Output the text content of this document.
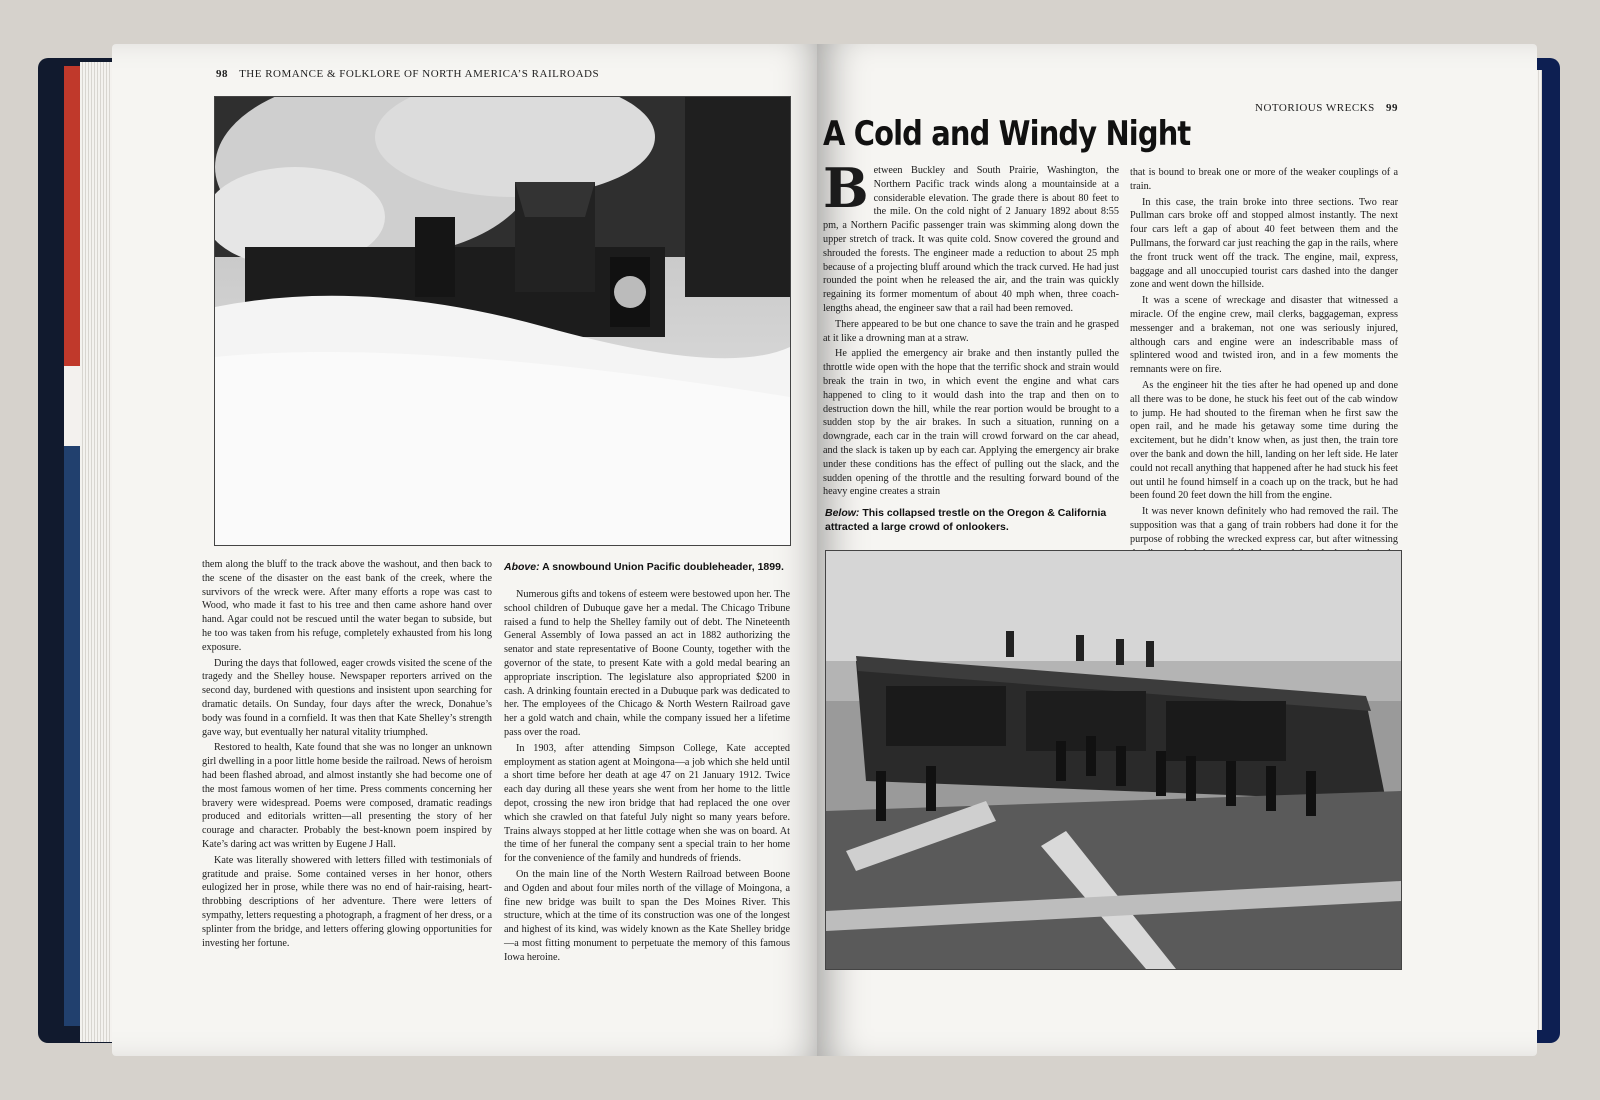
98 THE ROMANCE & FOLKLORE OF NORTH AMERICA’S RAILROADS
Above: A snowbound Union Pacific doubleheader, 1899.

them along the bluff to the track above the washout, and then back to the scene of the disaster on the east bank of the creek, where the survivors of the wreck were. After many efforts a rope was cast to Wood, who made it fast to his tree and then came ashore hand over hand. Agar could not be rescued until the water began to subside, but he too was taken from his refuge, completely exhausted from his long exposure.

During the days that followed, eager crowds visited the scene of the tragedy and the Shelley house. Newspaper reporters arrived on the second day, burdened with questions and insistent upon searching for dramatic details. On Sunday, four days after the wreck, Donahue’s body was found in a cornfield. It was then that Kate Shelley’s strength gave way, but eventually her natural vitality triumphed.

Restored to health, Kate found that she was no longer an unknown girl dwelling in a poor little home beside the railroad. News of heroism had been flashed abroad, and almost instantly she had become one of the most famous women of her time. Press comments concerning her bravery were widespread. Poems were composed, dramatic readings produced and editorials written—all presenting the story of her courage and character. Probably the best-known poem inspired by Kate’s daring act was written by Eugene J Hall.

Kate was literally showered with letters filled with testimonials of gratitude and praise. Some contained verses in her honor, others eulogized her in prose, while there was no end of hair-raising, heart-throbbing descriptions of her adventure. There were letters of sympathy, letters requesting a photograph, a fragment of her dress, or a splinter from the bridge, and letters offering glowing opportunities for investing her fortune.

Numerous gifts and tokens of esteem were bestowed upon her. The school children of Dubuque gave her a medal. The Chicago Tribune raised a fund to help the Shelley family out of debt. The Nineteenth General Assembly of Iowa passed an act in 1882 authorizing the senator and state representative of Boone County, together with the governor of the state, to present Kate with a gold medal bearing an appropriate inscription. The legislature also appropriated $200 in cash. A drinking fountain erected in a Dubuque park was dedicated to her. The employees of the Chicago & North Western Railroad gave her a gold watch and chain, while the company issued her a lifetime pass over the road.

In 1903, after attending Simpson College, Kate accepted employment as station agent at Moingona—a job which she held until a short time before her death at age 47 on 21 January 1912. Twice each day during all these years she went from her home to the little depot, crossing the new iron bridge that had replaced the one over which she crawled on that fateful July night so many years before. Trains always stopped at her little cottage when she was on board. At the time of her funeral the company sent a special train to her home for the convenience of the family and hundreds of friends.

On the main line of the North Western Railroad between Boone and Ogden and about four miles north of the village of Moingona, a fine new bridge was built to span the Des Moines River. This structure, which at the time of its construction was one of the longest and highest of its kind, was widely known as the Kate Shelley bridge—a most fitting monument to perpetuate the memory of this famous Iowa heroine.

NOTORIOUS WRECKS 99
A Cold and Windy Night

Between Buckley and South Prairie, Washington, the Northern Pacific track winds along a mountainside at a considerable elevation. The grade there is about 80 feet to the mile. On the cold night of 2 January 1892 about 8:55 pm, a Northern Pacific passenger train was skimming along down the upper stretch of track. It was quite cold. Snow covered the ground and shrouded the forests. The engineer made a reduction to about 25 mph because of a projecting bluff around which the track curved. He had just rounded the point when he released the air, and the train was quickly regaining its former momentum of about 40 mph when, three coach-lengths ahead, the engineer saw that a rail had been removed.

There appeared to be but one chance to save the train and he grasped at it like a drowning man at a straw.

He applied the emergency air brake and then instantly pulled the throttle wide open with the hope that the terrific shock and strain would break the train in two, in which event the engine and what cars happened to cling to it would dash into the trap and then on to destruction down the hill, while the rear portion would be brought to a sudden stop by the air brakes. In such a situation, running on a downgrade, each car in the train will crowd forward on the car ahead, and the slack is taken up by each car. Applying the emergency air brake under these conditions has the effect of pulling out the slack, and the sudden opening of the throttle and the resulting forward bound of the heavy engine creates a strain

that is bound to break one or more of the weaker couplings of a train.

In this case, the train broke into three sections. Two rear Pullman cars broke off and stopped almost instantly. The next four cars left a gap of about 40 feet between them and the Pullmans, the forward car just reaching the gap in the rails, where the front truck went off the track. The engine, mail, express, baggage and all unoccupied tourist cars dashed into the danger zone and went down the hillside.

It was a scene of wreckage and disaster that witnessed a miracle. Of the engine crew, mail clerks, baggageman, express messenger and a brakeman, not one was seriously injured, although cars and engine were an indescribable mass of splintered wood and twisted iron, and in a few moments the remnants were on fire.

As the engineer hit the ties after he had opened up and done all there was to be done, he stuck his feet out of the cab window to jump. He had shouted to the fireman when he first saw the open rail, and he made his getaway some time during the excitement, but he didn’t know when, as just then, the train tore over the bank and down the hill, landing on her left side. He later could not recall anything that happened after he had stuck his feet out until he found himself in a coach up on the track, but he had been found 20 feet down the hill from the engine.

It was never known definitely who had removed the rail. The supposition was that a gang of train robbers had done it for the purpose of robbing the wrecked express car, but after witnessing

Below: This collapsed trestle on the Oregon & California attracted a large crowd of onlookers.
